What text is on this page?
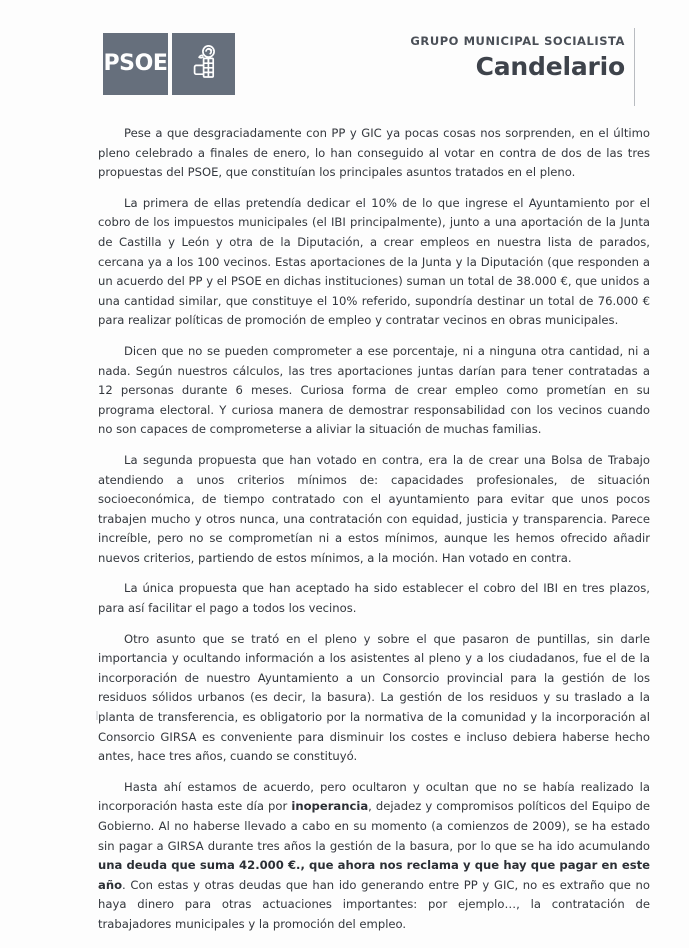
PSOE
GRUPO MUNICIPAL SOCIALISTA
Candelario

Pese a que desgraciadamente con PP y GIC ya pocas cosas nos sorprenden, en el último pleno celebrado a finales de enero, lo han conseguido al votar en contra de dos de las tres propuestas del PSOE, que constituían los principales asuntos tratados en el pleno.

La primera de ellas pretendía dedicar el 10% de lo que ingrese el Ayuntamiento por el cobro de los impuestos municipales (el IBI principalmente), junto a una aportación de la Junta de Castilla y León y otra de la Diputación, a crear empleos en nuestra lista de parados, cercana ya a los 100 vecinos. Estas aportaciones de la Junta y la Diputación (que responden a un acuerdo del PP y el PSOE en dichas instituciones) suman un total de 38.000 €, que unidos a una cantidad similar, que constituye el 10% referido, supondría destinar un total de 76.000 € para realizar políticas de promoción de empleo y contratar vecinos en obras municipales.

Dicen que no se pueden comprometer a ese porcentaje, ni a ninguna otra cantidad, ni a nada. Según nuestros cálculos, las tres aportaciones juntas darían para tener contratadas a 12 personas durante 6 meses. Curiosa forma de crear empleo como prometían en su programa electoral. Y curiosa manera de demostrar responsabilidad con los vecinos cuando no son capaces de comprometerse a aliviar la situación de muchas familias.

La segunda propuesta que han votado en contra, era la de crear una Bolsa de Trabajo atendiendo a unos criterios mínimos de: capacidades profesionales, de situación socioeconómica, de tiempo contratado con el ayuntamiento para evitar que unos pocos trabajen mucho y otros nunca, una contratación con equidad, justicia y transparencia. Parece increíble, pero no se comprometían ni a estos mínimos, aunque les hemos ofrecido añadir nuevos criterios, partiendo de estos mínimos, a la moción. Han votado en contra.

La única propuesta que han aceptado ha sido establecer el cobro del IBI en tres plazos, para así facilitar el pago a todos los vecinos.

Otro asunto que se trató en el pleno y sobre el que pasaron de puntillas, sin darle importancia y ocultando información a los asistentes al pleno y a los ciudadanos, fue el de la incorporación de nuestro Ayuntamiento a un Consorcio provincial para la gestión de los residuos sólidos urbanos (es decir, la basura). La gestión de los residuos y su traslado a la planta de transferencia, es obligatorio por la normativa de la comunidad y la incorporación al Consorcio GIRSA es conveniente para disminuir los costes e incluso debiera haberse hecho antes, hace tres años, cuando se constituyó.

Hasta ahí estamos de acuerdo, pero ocultaron y ocultan que no se había realizado la incorporación hasta este día por inoperancia, dejadez y compromisos políticos del Equipo de Gobierno. Al no haberse llevado a cabo en su momento (a comienzos de 2009), se ha estado sin pagar a GIRSA durante tres años la gestión de la basura, por lo que se ha ido acumulando una deuda que suma 42.000 €., que ahora nos reclama y que hay que pagar en este año. Con estas y otras deudas que han ido generando entre PP y GIC, no es extraño que no haya dinero para otras actuaciones importantes: por ejemplo…, la contratación de trabajadores municipales y la promoción del empleo.
